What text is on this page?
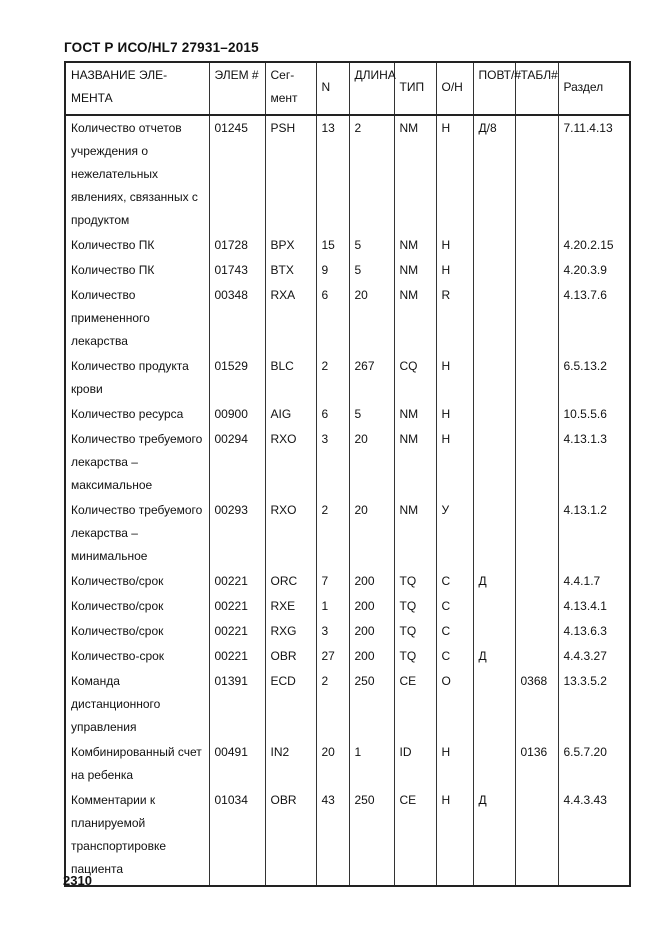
ГОСТ Р ИСО/HL7 27931–2015
НАЗВАНИЕ ЭЛЕ-МЕНТА	ЭЛЕМ #	Сег-мент	N	ДЛИНА	ТИП	О/Н	ПОВТ/#	ТАБЛ#	Раздел
Количество отчетов учреждения о нежелательных явлениях, связанных с продуктом	01245	PSH	13	2	NM	Н	Д/8		7.11.4.13
Количество ПК	01728	BPX	15	5	NM	Н			4.20.2.15
Количество ПК	01743	BTX	9	5	NM	Н			4.20.3.9
Количество примененного лекарства	00348	RXA	6	20	NM	R			4.13.7.6
Количество продукта крови	01529	BLC	2	267	CQ	Н			6.5.13.2
Количество ресурса	00900	AIG	6	5	NM	Н			10.5.5.6
Количество требуемого лекарства – максимальное	00294	RXO	3	20	NM	Н			4.13.1.3
Количество требуемого лекарства – минимальное	00293	RXO	2	20	NM	У			4.13.1.2
Количество/срок	00221	ORC	7	200	TQ	С	Д		4.4.1.7
Количество/срок	00221	RXE	1	200	TQ	С			4.13.4.1
Количество/срок	00221	RXG	3	200	TQ	С			4.13.6.3
Количество-срок	00221	OBR	27	200	TQ	С	Д		4.4.3.27
Команда дистанционного управления	01391	ECD	2	250	CE	О		0368	13.3.5.2
Комбинированный счет на ребенка	00491	IN2	20	1	ID	Н		0136	6.5.7.20
Комментарии к планируемой транспортировке пациента	01034	OBR	43	250	CE	Н	Д		4.4.3.43
2310
